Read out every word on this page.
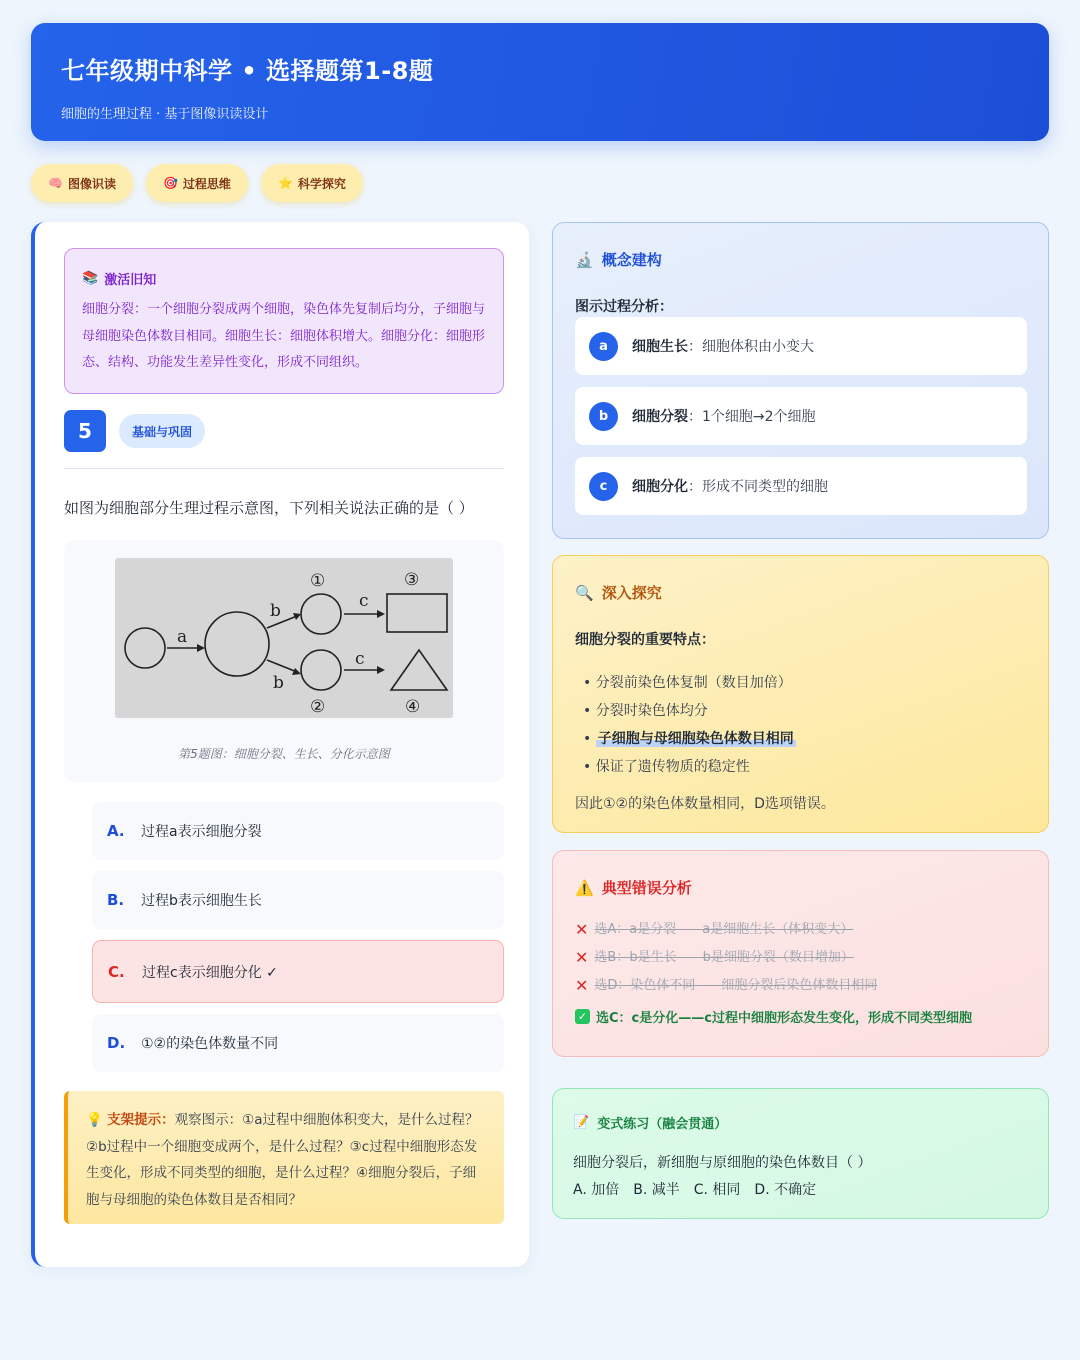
七年级期中科学 • 选择题第1-8题

细胞的生理过程 · 基于图像识读设计

🧠 图像识读	🎯 过程思维	⭐ 科学探究
📚 激活旧知

细胞分裂：一个细胞分裂成两个细胞，染色体先复制后均分，子细胞与母细胞染色体数目相同。细胞生长：细胞体积增大。细胞分化：细胞形态、结构、功能发生差异性变化，形成不同组织。

5	基础与巩固
如图为细胞部分生理过程示意图，下列相关说法正确的是（ ）
a
b
b
c
c
①
②
③
④
第5题图：细胞分裂、生长、分化示意图
A.	过程a表示细胞分裂
B.	过程b表示细胞生长
C.	过程c表示细胞分化 ✓
D.	①②的染色体数量不同
💡 支架提示：观察图示：①a过程中细胞体积变大，是什么过程？②b过程中一个细胞变成两个，是什么过程？③c过程中细胞形态发生变化，形成不同类型的细胞，是什么过程？④细胞分裂后，子细胞与母细胞的染色体数目是否相同？
🔬 概念建构
图示过程分析：
a	细胞生长 ：细胞体积由小变大
b	细胞分裂 ：1个细胞→2个细胞
c	细胞分化 ：形成不同类型的细胞
🔍 深入探究
细胞分裂的重要特点：
• 分裂前染色体复制（数目加倍）
• 分裂时染色体均分
• 子细胞与母细胞染色体数目相同
• 保证了遗传物质的稳定性
因此①②的染色体数量相同，D选项错误。
⚠️ 典型错误分析
✕ 选A：a是分裂——a是细胞生长（体积变大）
✕ 选B：b是生长——b是细胞分裂（数目增加）
✕ 选D：染色体不同——细胞分裂后染色体数目相同
✓ 选C：c是分化——c过程中细胞形态发生变化，形成不同类型细胞
📝 变式练习（融会贯通）

细胞分裂后，新细胞与原细胞的染色体数目（ ）
A. 加倍　B. 减半　C. 相同　D. 不确定
